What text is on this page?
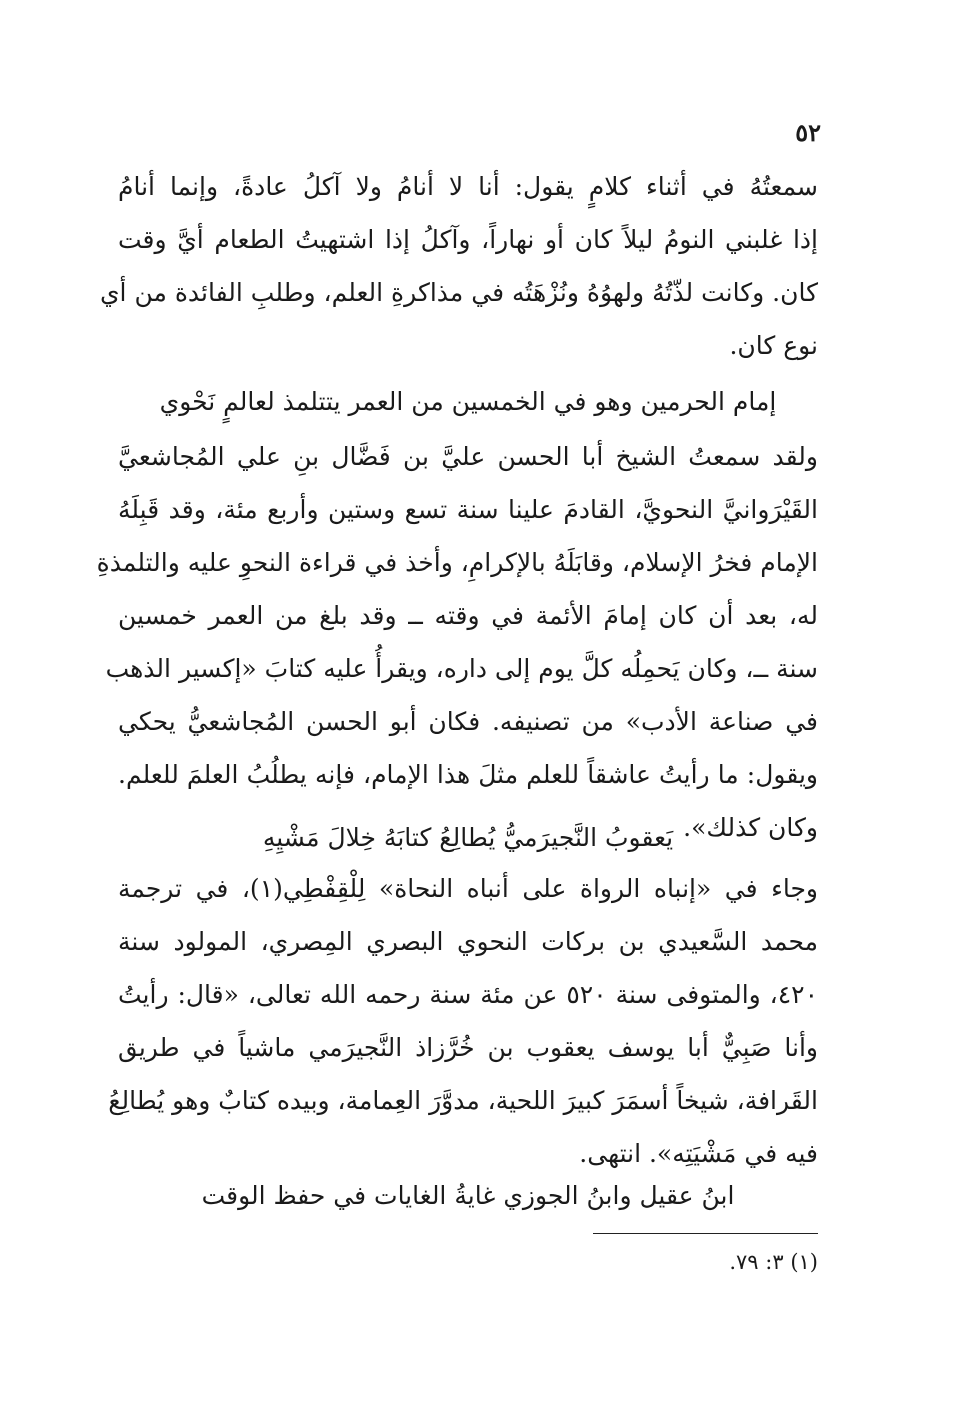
٥٢
سمعتُهُ في أثناء كلامٍ يقول: أنا لا أنامُ ولا آكلُ عادةً، وإنما أنامُ
إذا غلبني النومُ ليلاً كان أو نهاراً، وآكلُ إذا اشتهيتُ الطعام أيَّ وقت
كان. وكانت لذّتُهُ ولهوُهُ ونُزْهَتُه في مذاكرةِ العلم، وطلبِ الفائدة من أي
نوع كان.
إمام الحرمين وهو في الخمسين من العمر يتتلمذ لعالمٍ نَحْوي
ولقد سمعتُ الشيخ أبا الحسن عليَّ بن فَضَّال بنِ علي المُجاشعيَّ
القَيْرَوانيَّ النحويَّ، القادمَ علينا سنة تسع وستين وأربع مئة، وقد قَبِلَهُ
الإمام فخرُ الإسلام، وقابَلَهُ بالإكرامِ، وأخذ في قراءة النحوِ عليه والتلمذةِ
له، بعد أن كان إمامَ الأئمة في وقته ــ وقد بلغ من العمر خمسين
سنة ــ، وكان يَحمِلُه كلَّ يوم إلى داره، ويقرأُ عليه كتابَ «إكسير الذهب
في صناعة الأدب» من تصنيفه. فكان أبو الحسن المُجاشعيُّ يحكي
ويقول: ما رأيتُ عاشقاً للعلم مثلَ هذا الإمام، فإنه يطلُبُ العلمَ للعلم.
وكان كذلك».
يَعقوبُ النَّجيرَميُّ يُطالِعُ كتابَهُ خِلالَ مَشْيِهِ
وجاء في «إنباه الرواة على أنباه النحاة» لِلْقِفْطِي(١)، في ترجمة
محمد السَّعيدي بن بركات النحوي البصري المِصري، المولود سنة
٤٢٠، والمتوفى سنة ٥٢٠ عن مئة سنة رحمه الله تعالى، «قال: رأيتُ
وأنا صَبِيٌّ أبا يوسف يعقوب بن خُرَّزاذ النَّجيرَمي ماشياً في طريق
القَرافة، شيخاً أسمَرَ كبيرَ اللحية، مدوَّرَ العِمامة، وبيده كتابٌ وهو يُطالِعُ
فيه في مَشْيَتِه». انتهى.
ابنُ عقيل وابنُ الجوزي غايةُ الغايات في حفظ الوقت
(١) ٣: ٧٩.
